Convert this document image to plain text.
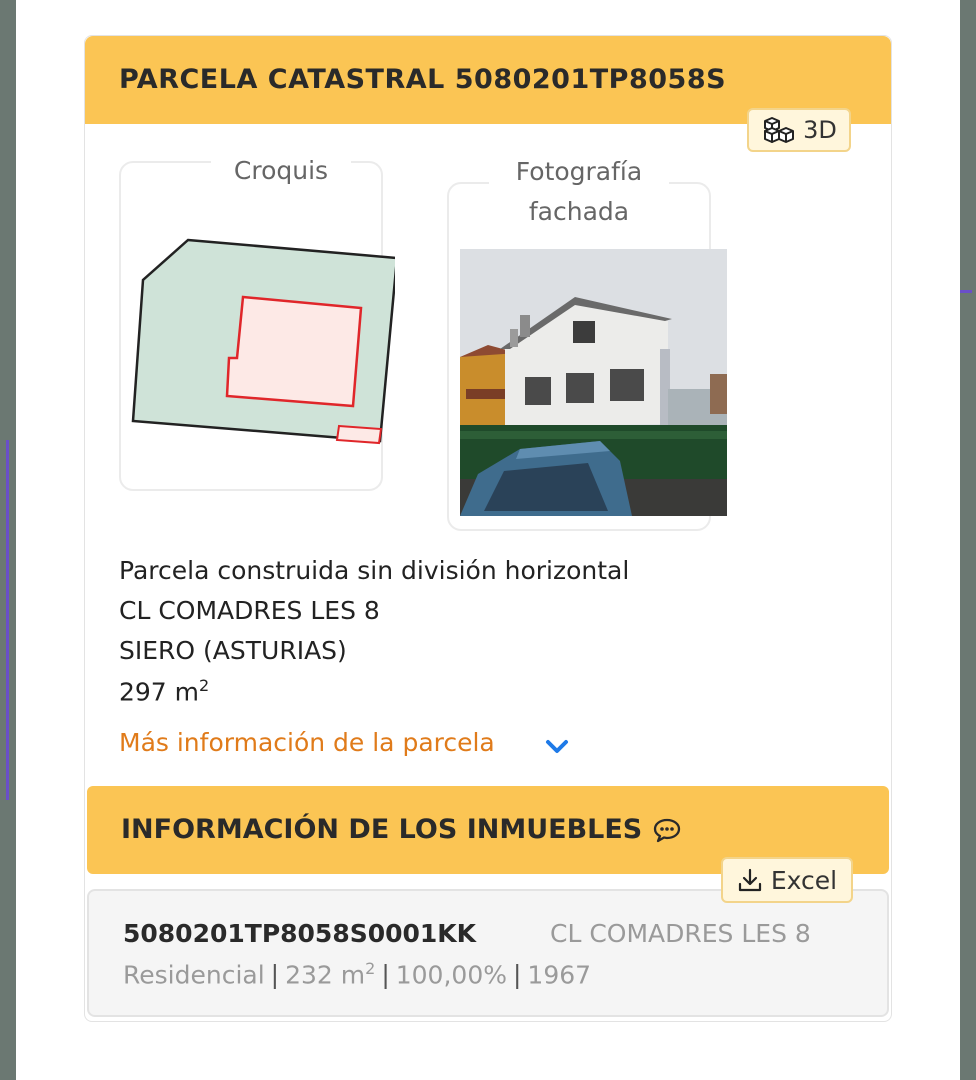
PARCELA CATASTRAL 5080201TP8058S
3D
Croquis	Fotografía
fachada
Parcela construida sin división horizontal
CL COMADRES LES 8
SIERO (ASTURIAS)
297 $m^2$
Más información de la parcela
INFORMACIÓN DE LOS INMUEBLES
5080201TP8058S0001KK	CL COMADRES LES 8
Residencial | 232 $m^2$ | 100,00% | 1967
Excel
